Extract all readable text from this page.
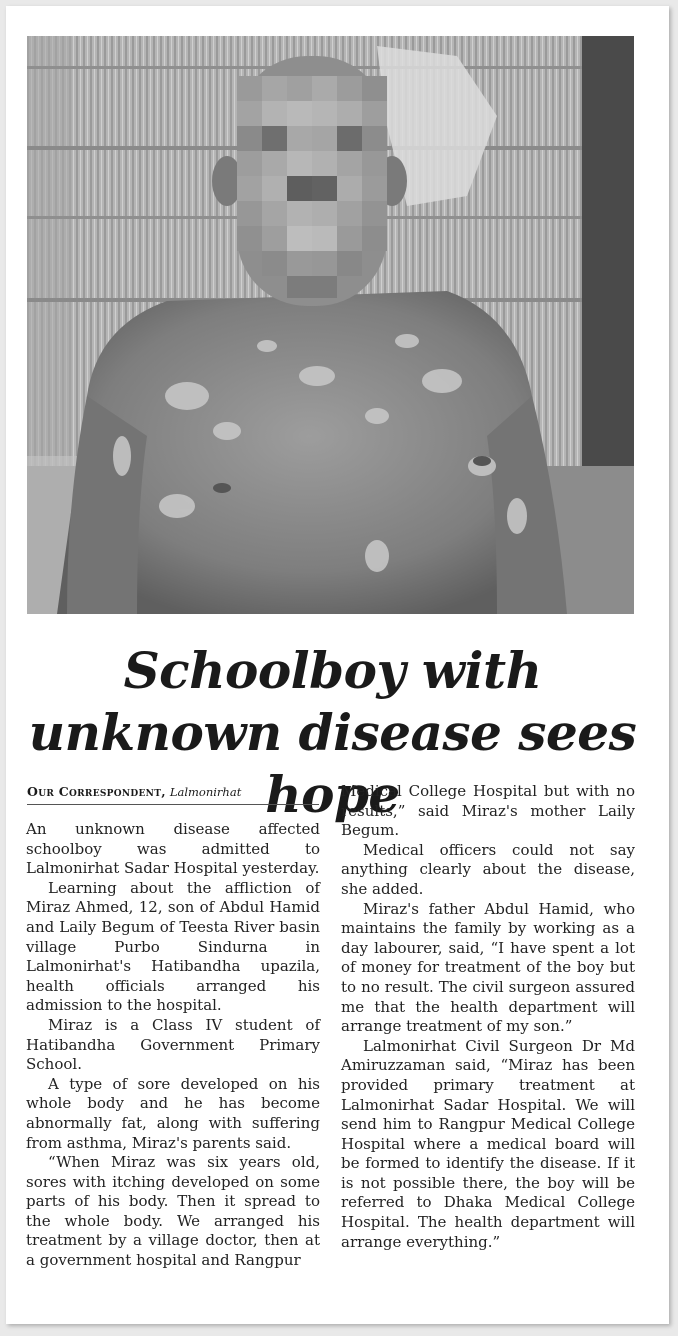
Schoolboy with unknown disease sees hope
Our Correspondent, Lalmonirhat

An unknown disease affected schoolboy was admitted to Lalmonirhat Sadar Hospital yesterday.

Learning about the affliction of Miraz Ahmed, 12, son of Abdul Hamid and Laily Begum of Teesta River basin village Purbo Sindurna in Lalmonirhat's Hatibandha upazila, health officials arranged his admission to the hospital.

Miraz is a Class IV student of Hatibandha Government Primary School.

A type of sore developed on his whole body and he has become abnormally fat, along with suffering from asthma, Miraz's parents said.

“When Miraz was six years old, sores with itching developed on some parts of his body. Then it spread to the whole body. We arranged his treatment by a village doctor, then at a government hospital and Rangpur

Medical College Hospital but with no results,” said Miraz's mother Laily Begum.

Medical officers could not say anything clearly about the disease, she added.

Miraz's father Abdul Hamid, who maintains the family by working as a day labourer, said, “I have spent a lot of money for treatment of the boy but to no result. The civil surgeon assured me that the health department will arrange treatment of my son.”

Lalmonirhat Civil Surgeon Dr Md Amiruzzaman said, “Miraz has been provided primary treatment at Lalmonirhat Sadar Hospital. We will send him to Rangpur Medical College Hospital where a medical board will be formed to identify the disease. If it is not possible there, the boy will be referred to Dhaka Medical College Hospital. The health department will arrange everything.”
